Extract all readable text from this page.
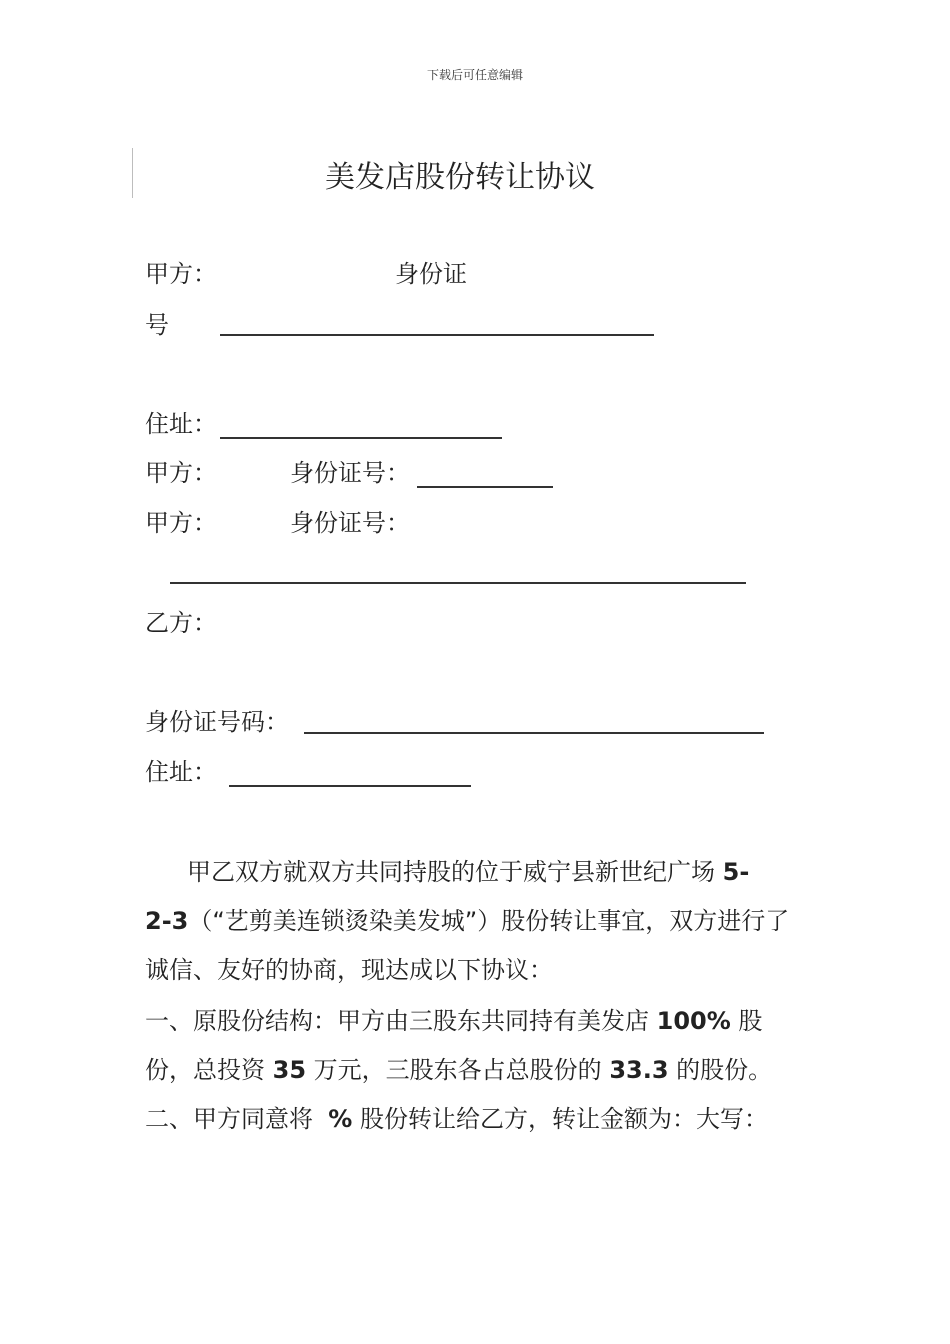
下载后可任意编辑
美发店股份转让协议
甲方：	身份证
号
住址：
甲方：	身份证号：
甲方：	身份证号：
乙方：
身份证号码：
住址：
甲乙双方就双方共同持股的位于威宁县新世纪广场 5-
2-3（“艺剪美连锁烫染美发城”）股份转让事宜，双方进行了诚信、友好的协商，现达成以下协议：
一、原股份结构：甲方由三股东共同持有美发店 100% 股份，总投资 35 万元，三股东各占总股份的 33.3 的股份。
二、甲方同意将  % 股份转让给乙方，转让金额为：大写：
